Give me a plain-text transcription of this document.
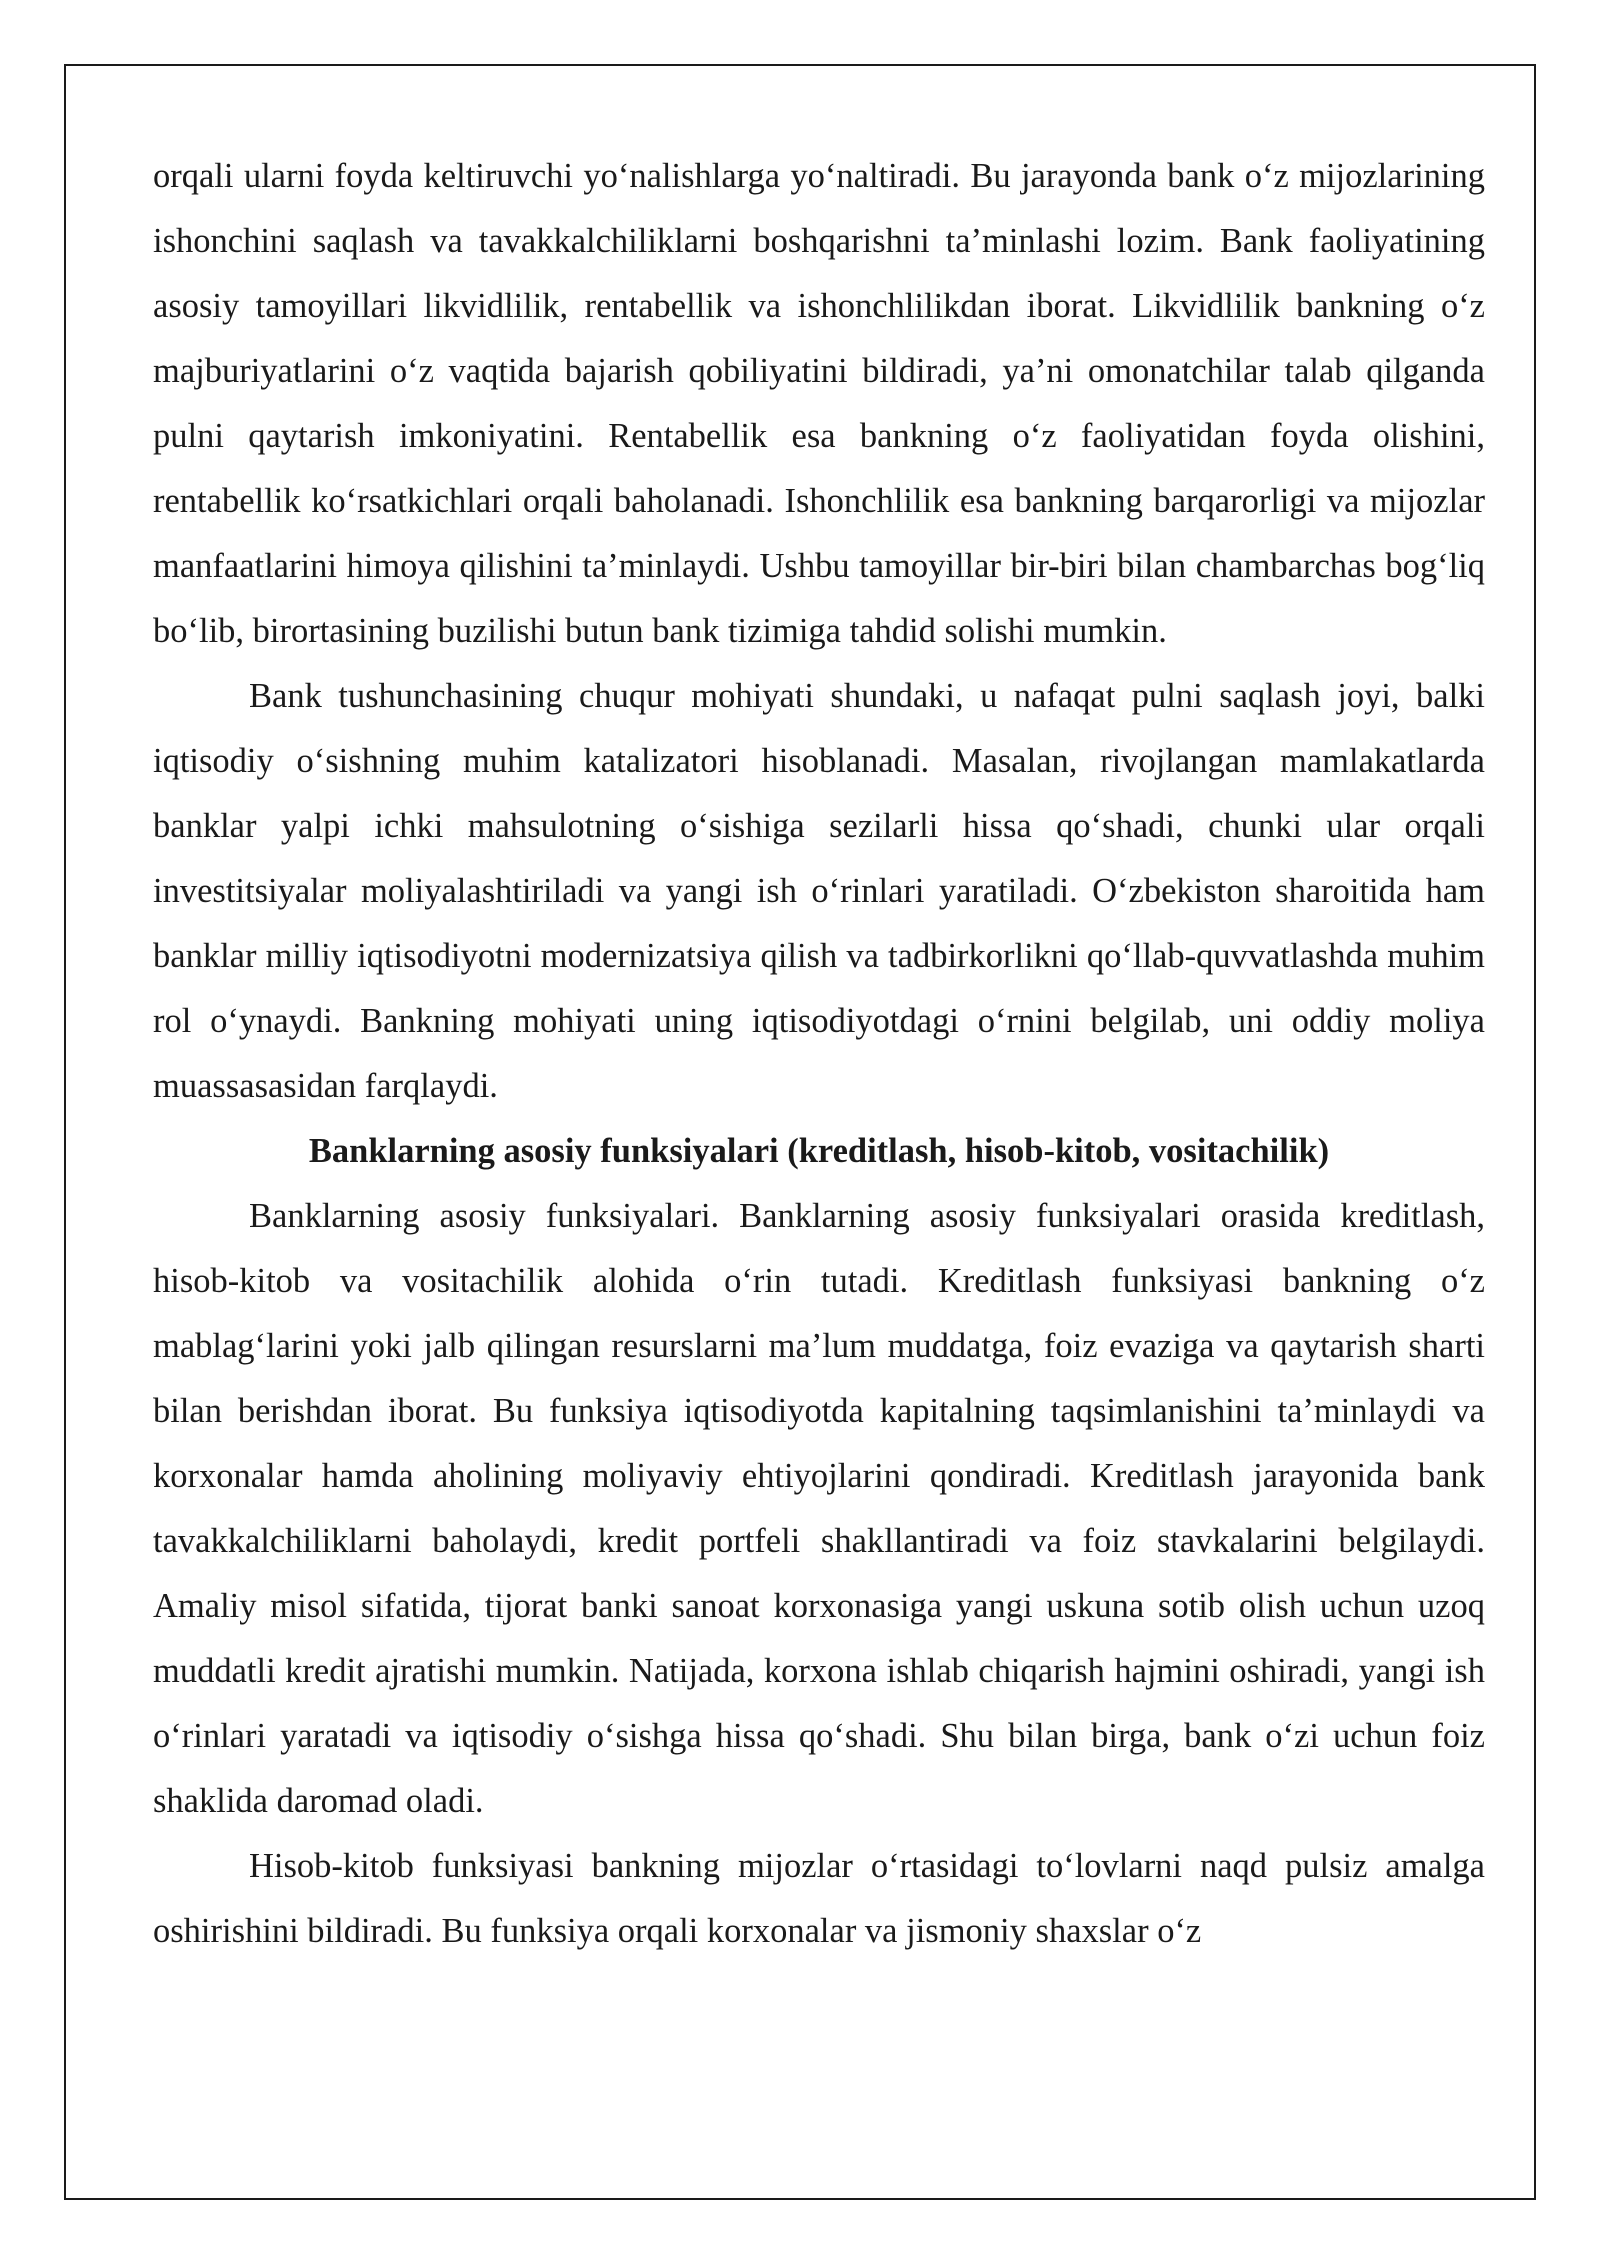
orqali ularni foyda keltiruvchi yo‘nalishlarga yo‘naltiradi. Bu jarayonda bank o‘z mijozlarining ishonchini saqlash va tavakkalchiliklarni boshqarishni ta’minlashi lozim. Bank faoliyatining asosiy tamoyillari likvidlilik, rentabellik va ishonchlilikdan iborat. Likvidlilik bankning o‘z majburiyatlarini o‘z vaqtida bajarish qobiliyatini bildiradi, ya’ni omonatchilar talab qilganda pulni qaytarish imkoniyatini. Rentabellik esa bankning o‘z faoliyatidan foyda olishini, rentabellik ko‘rsatkichlari orqali baholanadi. Ishonchlilik esa bankning barqarorligi va mijozlar manfaatlarini himoya qilishini ta’minlaydi. Ushbu tamoyillar bir-biri bilan chambarchas bog‘liq bo‘lib, birortasining buzilishi butun bank tizimiga tahdid solishi mumkin.

Bank tushunchasining chuqur mohiyati shundaki, u nafaqat pulni saqlash joyi, balki iqtisodiy o‘sishning muhim katalizatori hisoblanadi. Masalan, rivojlangan mamlakatlarda banklar yalpi ichki mahsulotning o‘sishiga sezilarli hissa qo‘shadi, chunki ular orqali investitsiyalar moliyalashtiriladi va yangi ish o‘rinlari yaratiladi. O‘zbekiston sharoitida ham banklar milliy iqtisodiyotni modernizatsiya qilish va tadbirkorlikni qo‘llab-quvvatlashda muhim rol o‘ynaydi. Bankning mohiyati uning iqtisodiyotdagi o‘rnini belgilab, uni oddiy moliya muassasasidan farqlaydi.

Banklarning asosiy funksiyalari (kreditlash, hisob-kitob, vositachilik)

Banklarning asosiy funksiyalari. Banklarning asosiy funksiyalari orasida kreditlash, hisob-kitob va vositachilik alohida o‘rin tutadi. Kreditlash funksiyasi bankning o‘z mablag‘larini yoki jalb qilingan resurslarni ma’lum muddatga, foiz evaziga va qaytarish sharti bilan berishdan iborat. Bu funksiya iqtisodiyotda kapitalning taqsimlanishini ta’minlaydi va korxonalar hamda aholining moliyaviy ehtiyojlarini qondiradi. Kreditlash jarayonida bank tavakkalchiliklarni baholaydi, kredit portfeli shakllantiradi va foiz stavkalarini belgilaydi. Amaliy misol sifatida, tijorat banki sanoat korxonasiga yangi uskuna sotib olish uchun uzoq muddatli kredit ajratishi mumkin. Natijada, korxona ishlab chiqarish hajmini oshiradi, yangi ish o‘rinlari yaratadi va iqtisodiy o‘sishga hissa qo‘shadi. Shu bilan birga, bank o‘zi uchun foiz shaklida daromad oladi.

Hisob-kitob funksiyasi bankning mijozlar o‘rtasidagi to‘lovlarni naqd pulsiz amalga oshirishini bildiradi. Bu funksiya orqali korxonalar va jismoniy shaxslar o‘z
